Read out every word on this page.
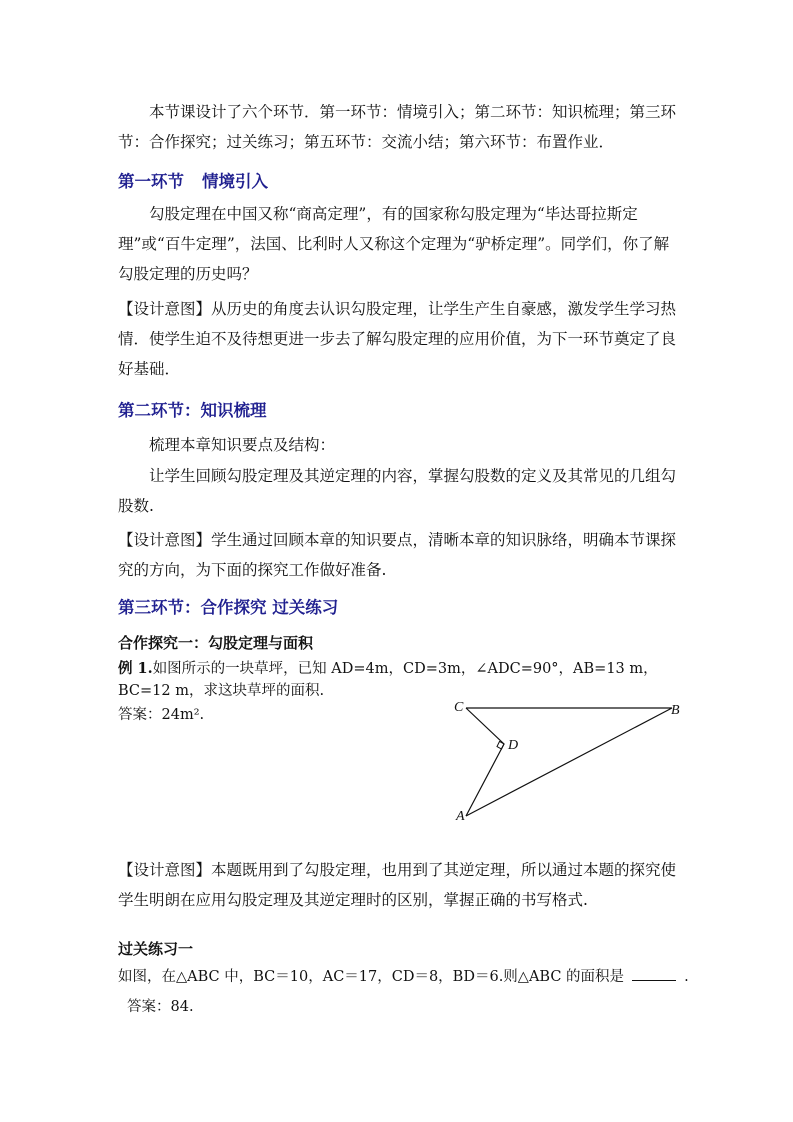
本节课设计了六个环节．第一环节：情境引入；第二环节：知识梳理；第三环节：合作探究；过关练习；第五环节：交流小结；第六环节：布置作业．

第一环节 情境引入

勾股定理在中国又称“商高定理”，有的国家称勾股定理为“毕达哥拉斯定理”或“百牛定理”，法国、比利时人又称这个定理为“驴桥定理”。同学们，你了解勾股定理的历史吗？

【设计意图】从历史的角度去认识勾股定理，让学生产生自豪感，激发学生学习热情．使学生迫不及待想更进一步去了解勾股定理的应用价值，为下一环节奠定了良好基础．

第二环节：知识梳理

梳理本章知识要点及结构：

让学生回顾勾股定理及其逆定理的内容，掌握勾股数的定义及其常见的几组勾股数.

【设计意图】学生通过回顾本章的知识要点，清晰本章的知识脉络，明确本节课探究的方向，为下面的探究工作做好准备.

第三环节：合作探究 过关练习
合作探究一：勾股定理与面积

例 1.如图所示的一块草坪，已知 AD=4m，CD=3m，∠ADC=90°，AB=13 m，BC=12 m，求这块草坪的面积.

答案：24m².	C	B
D
A

【设计意图】本题既用到了勾股定理，也用到了其逆定理，所以通过本题的探究使学生明朗在应用勾股定理及其逆定理时的区别，掌握正确的书写格式.

过关练习一

如图，在△ABC 中，BC＝10，AC＝17，CD＝8，BD＝6.则△ABC 的面积是	.

答案：84.
